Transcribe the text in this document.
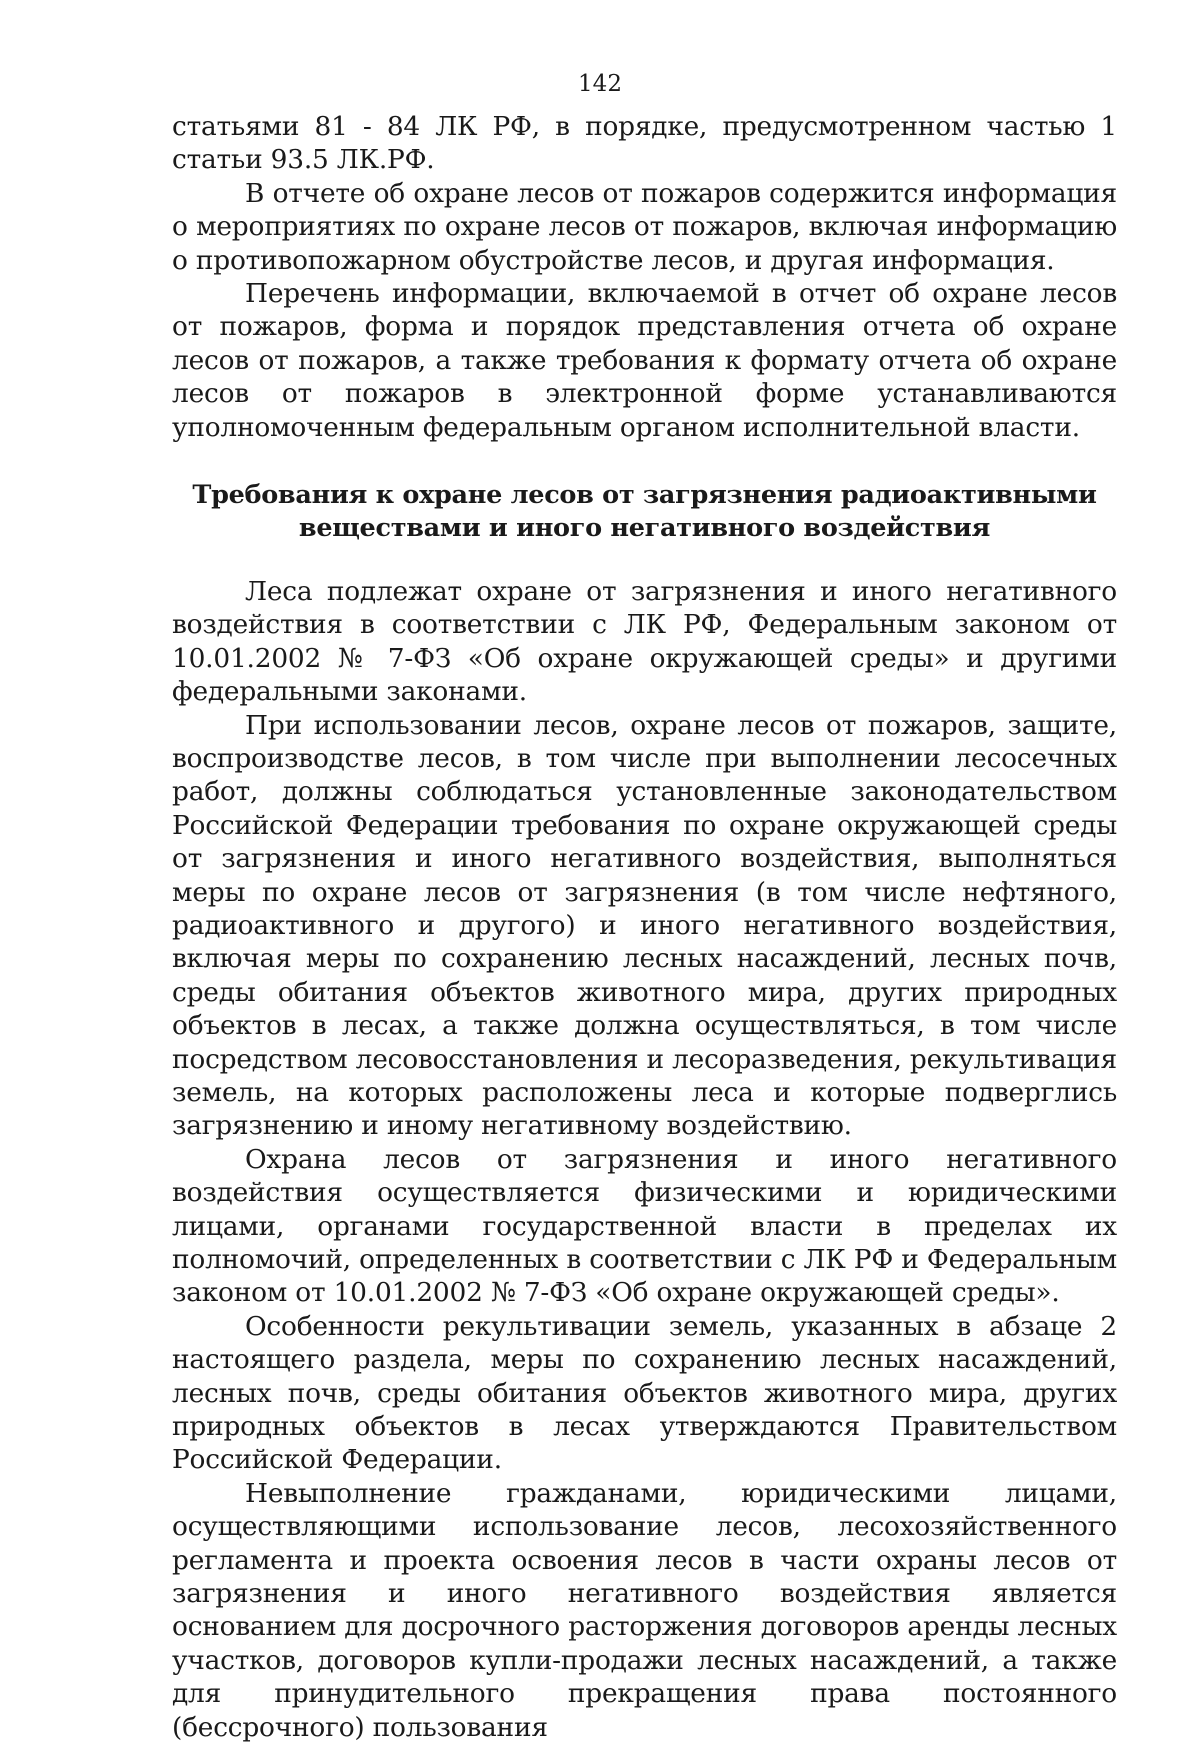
142

статьями 81 - 84 ЛК РФ, в порядке, предусмотренном частью 1 статьи 93.5 ЛК.РФ.

В отчете об охране лесов от пожаров содержится информация о мероприятиях по охране лесов от пожаров, включая информацию о противопожарном обустройстве лесов, и другая информация.

Перечень информации, включаемой в отчет об охране лесов от пожаров, форма и порядок представления отчета об охране лесов от пожаров, а также требования к формату отчета об охране лесов от пожаров в электронной форме устанавливаются уполномоченным федеральным органом исполнительной власти.

Требования к охране лесов от загрязнения радиоактивными
веществами и иного негативного воздействия

Леса подлежат охране от загрязнения и иного негативного воздействия в соответствии с ЛК РФ, Федеральным законом от 10.01.2002 № 7-ФЗ «Об охране окружающей среды» и другими федеральными законами.

При использовании лесов, охране лесов от пожаров, защите, воспроизводстве лесов, в том числе при выполнении лесосечных работ, должны соблюдаться установленные законодательством Российской Федерации требования по охране окружающей среды от загрязнения и иного негативного воздействия, выполняться меры по охране лесов от загрязнения (в том числе нефтяного, радиоактивного и другого) и иного негативного воздействия, включая меры по сохранению лесных насаждений, лесных почв, среды обитания объектов животного мира, других природных объектов в лесах, а также должна осуществляться, в том числе посредством лесовосстановления и лесоразведения, рекультивация земель, на которых расположены леса и которые подверглись загрязнению и иному негативному воздействию.

Охрана лесов от загрязнения и иного негативного воздействия осуществляется физическими и юридическими лицами, органами государственной власти в пределах их полномочий, определенных в соответствии с ЛК РФ и Федеральным законом от 10.01.2002 № 7-ФЗ «Об охране окружающей среды».

Особенности рекультивации земель, указанных в абзаце 2 настоящего раздела, меры по сохранению лесных насаждений, лесных почв, среды обитания объектов животного мира, других природных объектов в лесах утверждаются Правительством Российской Федерации.

Невыполнение гражданами, юридическими лицами, осуществляющими использование лесов, лесохозяйственного регламента и проекта освоения лесов в части охраны лесов от загрязнения и иного негативного воздействия является основанием для досрочного расторжения договоров аренды лесных участков, договоров купли-продажи лесных насаждений, а также для принудительного прекращения права постоянного (бессрочного) пользования
